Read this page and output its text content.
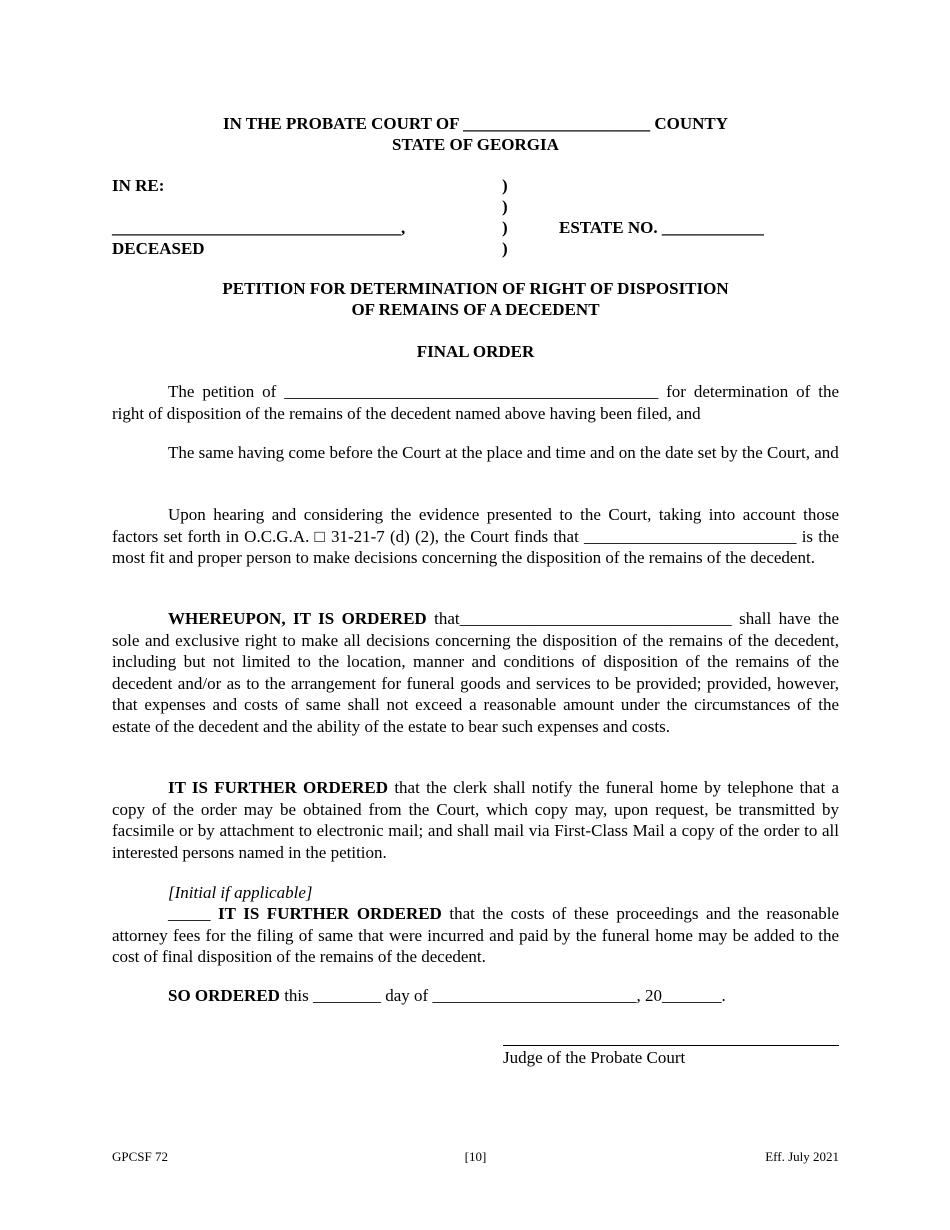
IN THE PROBATE COURT OF ______________________ COUNTY
STATE OF GEORGIA
IN RE:
__________________________________,
DECEASED
)
)
)
)
ESTATE NO. ____________
PETITION FOR DETERMINATION OF RIGHT OF DISPOSITION
OF REMAINS OF A DECEDENT
FINAL ORDER
The petition of ____________________________________________ for determination of the right of disposition of the remains of the decedent named above having been filed, and
The same having come before the Court at the place and time and on the date set by the Court, and
Upon hearing and considering the evidence presented to the Court, taking into account those factors set forth in O.C.G.A. □ 31-21-7 (d) (2), the Court finds that _________________________ is the most fit and proper person to make decisions concerning the disposition of the remains of the decedent.
WHEREUPON, IT IS ORDERED that________________________________ shall have the sole and exclusive right to make all decisions concerning the disposition of the remains of the decedent, including but not limited to the location, manner and conditions of disposition of the remains of the decedent and/or as to the arrangement for funeral goods and services to be provided; provided, however, that expenses and costs of same shall not exceed a reasonable amount under the circumstances of the estate of the decedent and the ability of the estate to bear such expenses and costs.
IT IS FURTHER ORDERED that the clerk shall notify the funeral home by telephone that a copy of the order may be obtained from the Court, which copy may, upon request, be transmitted by facsimile or by attachment to electronic mail; and shall mail via First-Class Mail a copy of the order to all interested persons named in the petition.
[Initial if applicable]
_____ IT IS FURTHER ORDERED that the costs of these proceedings and the reasonable attorney fees for the filing of same that were incurred and paid by the funeral home may be added to the cost of final disposition of the remains of the decedent.
SO ORDERED this ________ day of ________________________, 20_______.
Judge of the Probate Court
GPCSF 72	[10]	Eff. July 2021
